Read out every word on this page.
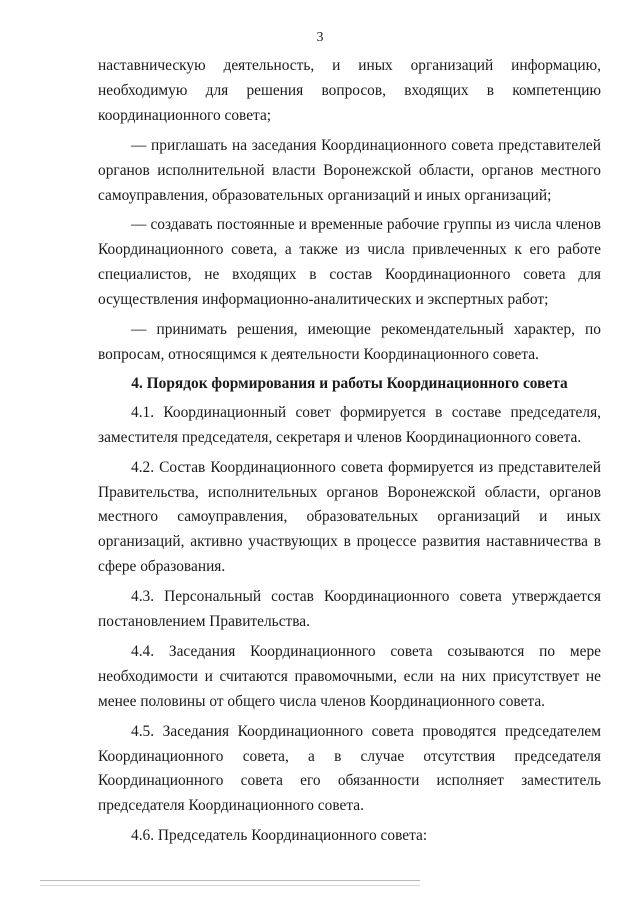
3

наставническую деятельность, и иных организаций информацию, необходимую для решения вопросов, входящих в компетенцию координационного совета;

— приглашать на заседания Координационного совета представителей органов исполнительной власти Воронежской области, органов местного самоуправления, образовательных организаций и иных организаций;

— создавать постоянные и временные рабочие группы из числа членов Координационного совета, а также из числа привлеченных к его работе специалистов, не входящих в состав Координационного совета для осуществления информационно-аналитических и экспертных работ;

— принимать решения, имеющие рекомендательный характер, по вопросам, относящимся к деятельности Координационного совета.

4. Порядок формирования и работы Координационного совета

4.1. Координационный совет формируется в составе председателя, заместителя председателя, секретаря и членов Координационного совета.

4.2. Состав Координационного совета формируется из представителей Правительства, исполнительных органов Воронежской области, органов местного самоуправления, образовательных организаций и иных организаций, активно участвующих в процессе развития наставничества в сфере образования.

4.3. Персональный состав Координационного совета утверждается постановлением Правительства.

4.4. Заседания Координационного совета созываются по мере необходимости и считаются правомочными, если на них присутствует не менее половины от общего числа членов Координационного совета.

4.5. Заседания Координационного совета проводятся председателем Координационного совета, а в случае отсутствия председателя Координационного совета его обязанности исполняет заместитель председателя Координационного совета.

4.6. Председатель Координационного совета:
